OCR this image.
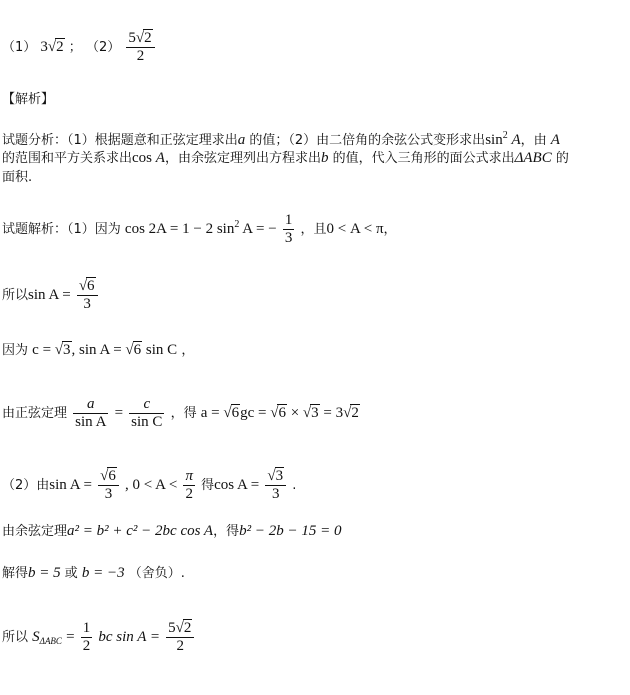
（1） 3√2 ； $(2) \frac{5√2}{2}$
【解析】
试题分析：（1）根据题意和正弦定理求出a 的值；（2）由二倍角的余弦公式变形求出$\sin^2 A$，由 A
的范围和平方关系求出cos A，由余弦定理列出方程求出b 的值，代入三角形的面公式求出ΔABC 的
面积.
试题解析：（1）因为 cos 2A = 1 − 2 $\sin^2 A$ = − $\frac{1}{3}$ ，且0 < A < π，
所以$\sin A = \frac{√6}{3}$
因为 c = √3, sin A = √6 sin C ，
由正弦定理 $\frac{a}{\text{sin A}} = \frac{c}{\text{sin C}}$ ，得 a = √6gc = √6 × √3 = 3√2
（2）由$\sin A = \frac{√6}{3}$ , $0 < A < \frac{\pi}{2}$ 得$\cos A = \frac{√3}{3}$ .
由余弦定理a² = b² + c² − 2bc cos A，得b² − 2b − 15 = 0
解得b = 5 或 b = −3 （舍负）.
所以 $S_{\Delta ABC} = \frac{1}{2}$ bc $\sin A = \frac{5√2}{2}$
